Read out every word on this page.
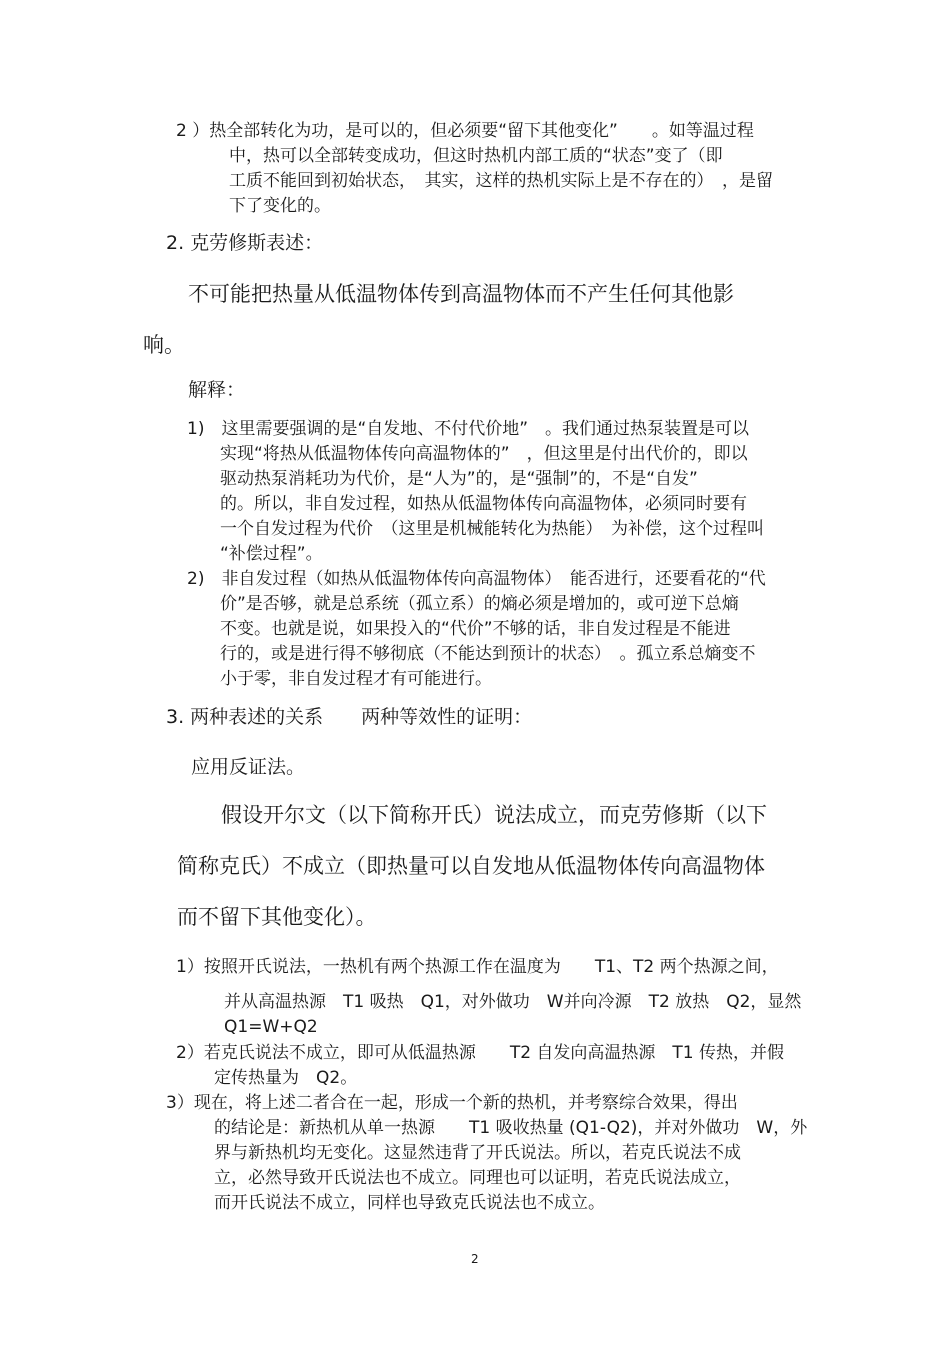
2 ）热全部转化为功，是可以的，但必须要“留下其他变化”　　。如等温过程
中，热可以全部转变成功，但这时热机内部工质的“状态”变了（即
工质不能回到初始状态，　其实，这样的热机实际上是不存在的）　，是留
下了变化的。
2. 克劳修斯表述：
不可能把热量从低温物体传到高温物体而不产生任何其他影
响。
解释：
1)　这里需要强调的是“自发地、不付代价地”　。我们通过热泵装置是可以
实现“将热从低温物体传向高温物体的”　，但这里是付出代价的，即以
驱动热泵消耗功为代价，是“人为”的，是“强制”的，不是“自发”
的。所以，非自发过程，如热从低温物体传向高温物体，必须同时要有
一个自发过程为代价　（这里是机械能转化为热能）　为补偿，这个过程叫
“补偿过程”。
2)　非自发过程（如热从低温物体传向高温物体）　能否进行，还要看花的“代
价”是否够，就是总系统（孤立系）的熵必须是增加的，或可逆下总熵
不变。也就是说，如果投入的“代价”不够的话，非自发过程是不能进
行的，或是进行得不够彻底（不能达到预计的状态）　。孤立系总熵变不
小于零，非自发过程才有可能进行。
3. 两种表述的关系　　两种等效性的证明：
应用反证法。
假设开尔文（以下简称开氏）说法成立，而克劳修斯（以下
简称克氏）不成立（即热量可以自发地从低温物体传向高温物体
而不留下其他变化）。
1）按照开氏说法，一热机有两个热源工作在温度为　　T1、T2 两个热源之间，
并从高温热源　T1 吸热　Q1，对外做功　W并向冷源　T2 放热　Q2，显然
Q1=W+Q2
2）若克氏说法不成立，即可从低温热源　　T2 自发向高温热源　T1 传热，并假
定传热量为　Q2。
3）现在，将上述二者合在一起，形成一个新的热机，并考察综合效果，得出
的结论是：新热机从单一热源　　T1 吸收热量 (Q1-Q2)，并对外做功　W，外
界与新热机均无变化。这显然违背了开氏说法。所以，若克氏说法不成
立，必然导致开氏说法也不成立。同理也可以证明，若克氏说法成立，
而开氏说法不成立，同样也导致克氏说法也不成立。
2
